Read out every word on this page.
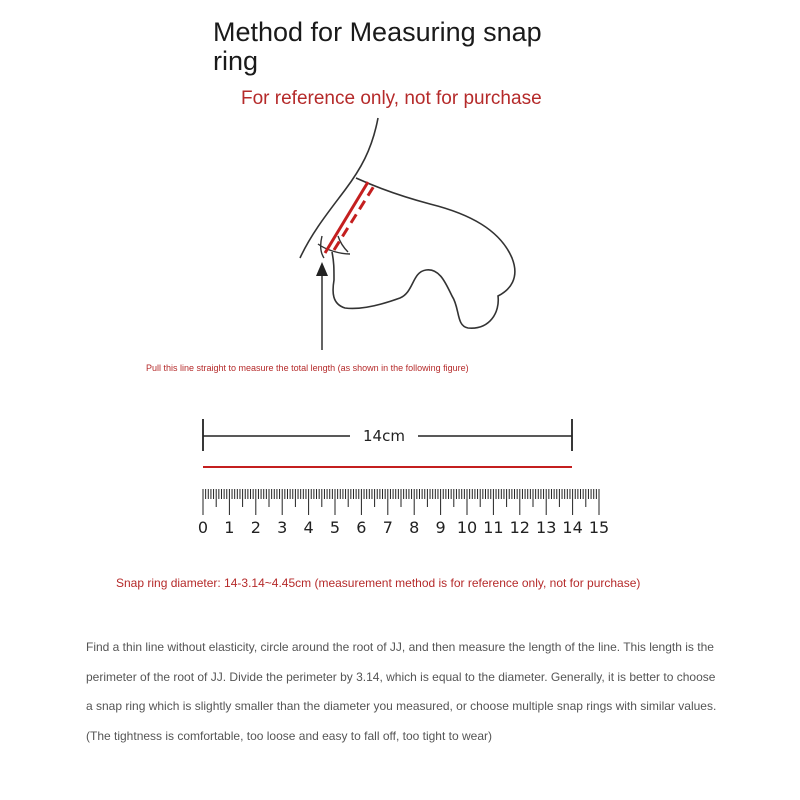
Method for Measuring snap ring
For reference only, not for purchase
Pull this line straight to measure the total length (as shown in the following figure)
14cm
0 1 2 3 4 5 6 7 8 9 10 11 12 13 14 15
Snap ring diameter: 14-3.14~4.45cm (measurement method is for reference only, not for purchase)

Find a thin line without elasticity, circle around the root of JJ, and then measure the length of the line. This length is the perimeter of the root of JJ. Divide the perimeter by 3.14, which is equal to the diameter. Generally, it is better to choose a snap ring which is slightly smaller than the diameter you measured, or choose multiple snap rings with similar values. (The tightness is comfortable, too loose and easy to fall off, too tight to wear)
